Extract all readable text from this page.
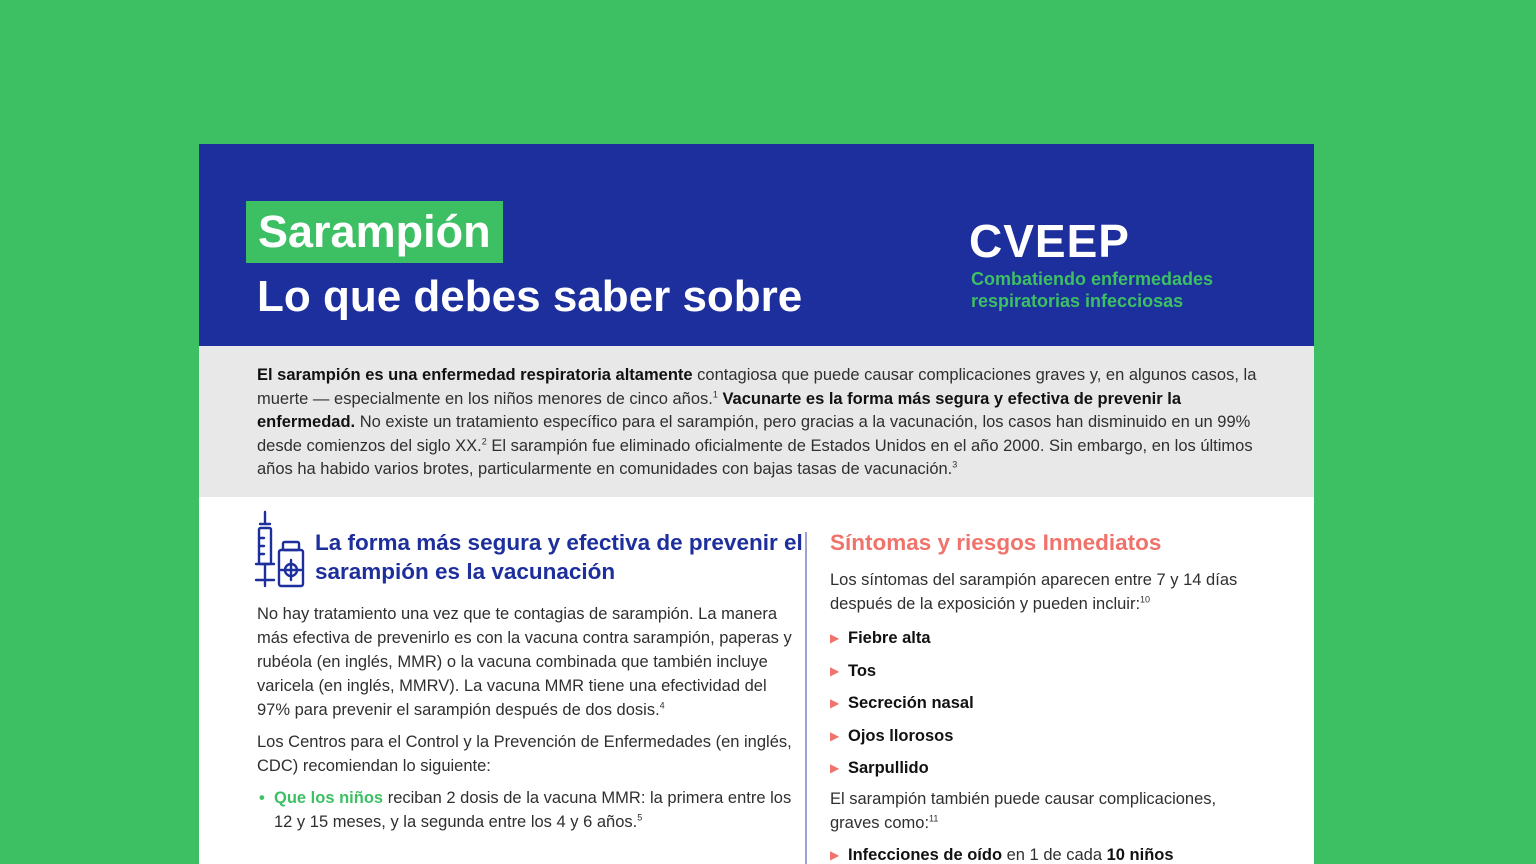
Sarampión
Lo que debes saber sobre
CVEEP
Combatiendo enfermedades
respiratorias infecciosas

El sarampión es una enfermedad respiratoria altamente contagiosa que puede causar complicaciones graves y, en algunos casos, la muerte — especialmente en los niños menores de cinco años.$^1$ Vacunarte es la forma más segura y efectiva de prevenir la enfermedad. No existe un tratamiento específico para el sarampión, pero gracias a la vacunación, los casos han disminuido en un 99% desde comienzos del siglo XX.$^2$ El sarampión fue eliminado oficialmente de Estados Unidos en el año 2000. Sin embargo, en los últimos años ha habido varios brotes, particularmente en comunidades con bajas tasas de vacunación.$^3$

La forma más segura y efectiva de prevenir el sarampión es la vacunación

No hay tratamiento una vez que te contagias de sarampión. La manera más efectiva de prevenirlo es con la vacuna contra sarampión, paperas y rubéola (en inglés, MMR) o la vacuna combinada que también incluye varicela (en inglés, MMRV). La vacuna MMR tiene una efectividad del 97% para prevenir el sarampión después de dos dosis.$^4$

Los Centros para el Control y la Prevención de Enfermedades (en inglés, CDC) recomiendan lo siguiente:

• Que los niños reciban 2 dosis de la vacuna MMR: la primera entre los 12 y 15 meses, y la segunda entre los 4 y 6 años.$^5$
Síntomas y riesgos Inmediatos

Los síntomas del sarampión aparecen entre 7 y 14 días después de la exposición y pueden incluir:$^{10}$

▶ Fiebre alta
▶ Tos
▶ Secreción nasal
▶ Ojos llorosos
▶ Sarpullido

El sarampión también puede causar complicaciones, graves como:$^{11}$

▶ Infecciones de oído en 1 de cada 10 niños
